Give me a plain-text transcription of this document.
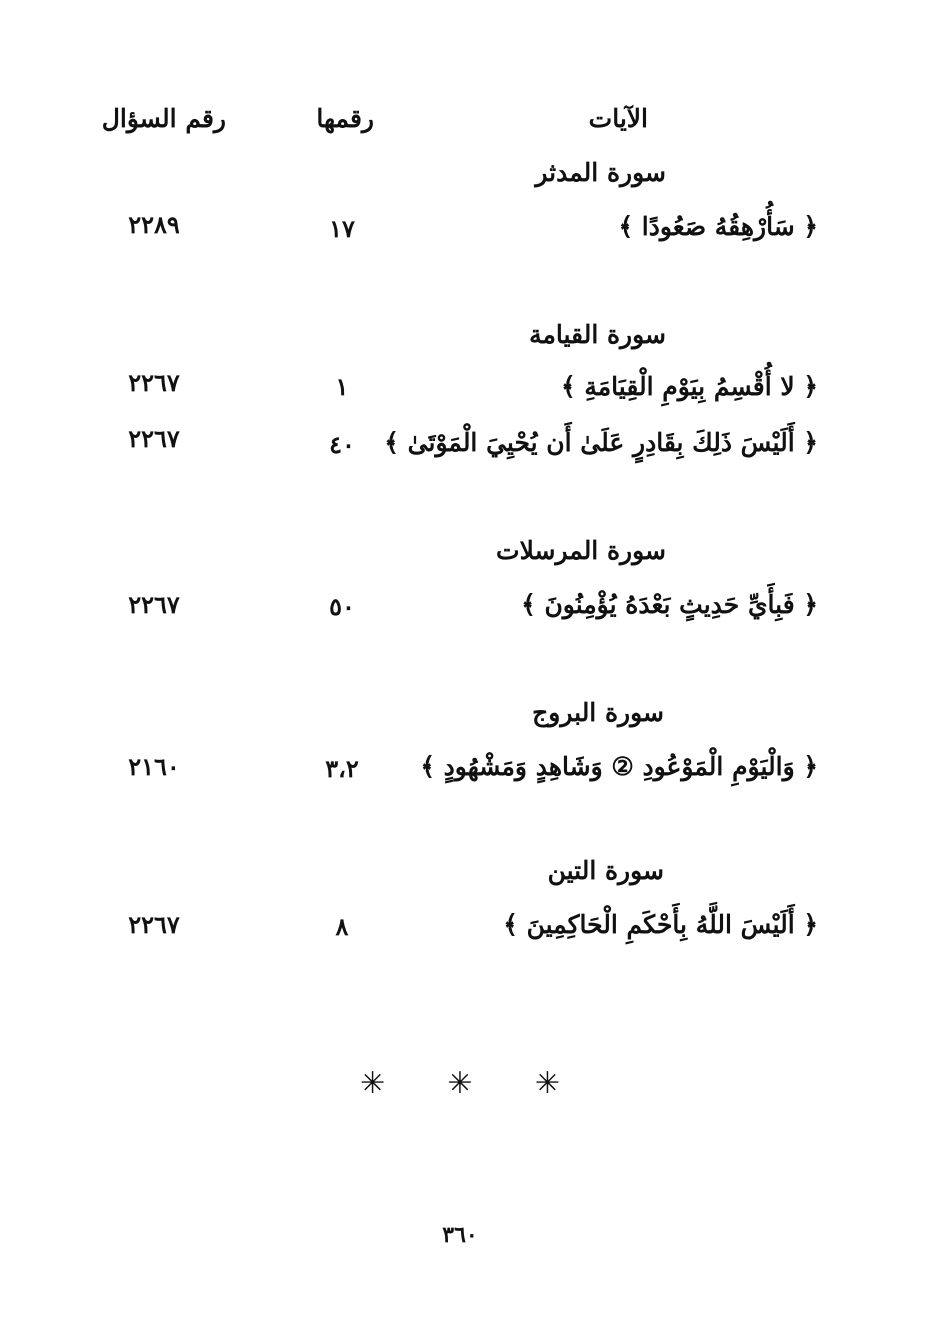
الآيات
رقمها
رقم السؤال
سورة المدثر
﴿ سَأُرْهِقُهُ صَعُودًا ﴾
١٧
٢٢٨٩
سورة القيامة
﴿ لا أُقْسِمُ بِيَوْمِ الْقِيَامَةِ ﴾
١
٢٢٦٧
﴿ أَلَيْسَ ذَلِكَ بِقَادِرٍ عَلَىٰ أَن يُحْيِيَ الْمَوْتَىٰ ﴾
٤٠
٢٢٦٧
سورة المرسلات
﴿ فَبِأَيِّ حَدِيثٍ بَعْدَهُ يُؤْمِنُونَ ﴾
٥٠
٢٢٦٧
سورة البروج
﴿ وَالْيَوْمِ الْمَوْعُودِ ② وَشَاهِدٍ وَمَشْهُودٍ ﴾
٣،٢
٢١٦٠
سورة التين
﴿ أَلَيْسَ اللَّهُ بِأَحْكَمِ الْحَاكِمِينَ ﴾
٨
٢٢٦٧
✳ ✳ ✳
٣٦٠
